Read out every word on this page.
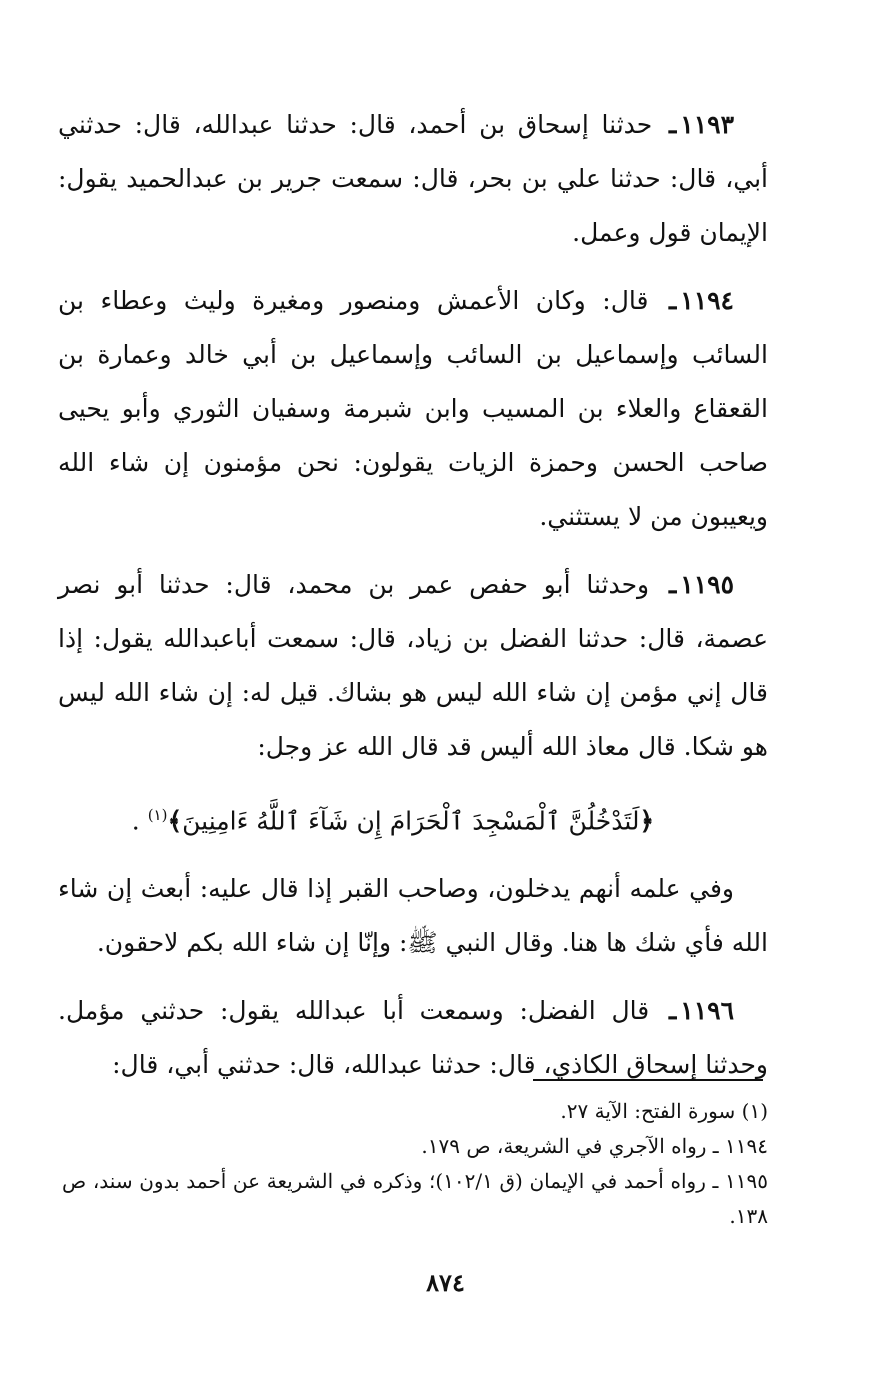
١١٩٣ـ حدثنا إسحاق بن أحمد، قال: حدثنا عبدالله، قال: حدثني أبي، قال: حدثنا علي بن بحر، قال: سمعت جرير بن عبدالحميد يقول: الإيمان قول وعمل.

١١٩٤ـ قال: وكان الأعمش ومنصور ومغيرة وليث وعطاء بن السائب وإسماعيل بن السائب وإسماعيل بن أبي خالد وعمارة بن القعقاع والعلاء بن المسيب وابن شبرمة وسفيان الثوري وأبو يحيى صاحب الحسن وحمزة الزيات يقولون: نحن مؤمنون إن شاء الله ويعيبون من لا يستثني.

١١٩٥ـ وحدثنا أبو حفص عمر بن محمد، قال: حدثنا أبو نصر عصمة، قال: حدثنا الفضل بن زياد، قال: سمعت أباعبدالله يقول: إذا قال إني مؤمن إن شاء الله ليس هو بشاك. قيل له: إن شاء الله ليس هو شكا. قال معاذ الله أليس قد قال الله عز وجل:

﴿لَتَدْخُلُنَّ ٱلْمَسْجِدَ ٱلْحَرَامَ إِن شَآءَ ٱللَّهُ ءَامِنِينَ﴾$^{(١)}$ .

وفي علمه أنهم يدخلون، وصاحب القبر إذا قال عليه: أبعث إن شاء الله فأي شك ها هنا. وقال النبي ﷺ: وإنّا إن شاء الله بكم لاحقون.

١١٩٦ـ قال الفضل: وسمعت أبا عبدالله يقول: حدثني مؤمل. وحدثنا إسحاق الكاذي، قال: حدثنا عبدالله، قال: حدثني أبي، قال:

(١) سورة الفتح: الآية ٢٧.

١١٩٤ ـ رواه الآجري في الشريعة، ص ١٧٩.

١١٩٥ ـ رواه أحمد في الإيمان (ق ١٠٢/١)؛ وذكره في الشريعة عن أحمد بدون سند، ص ١٣٨.

٨٧٤
